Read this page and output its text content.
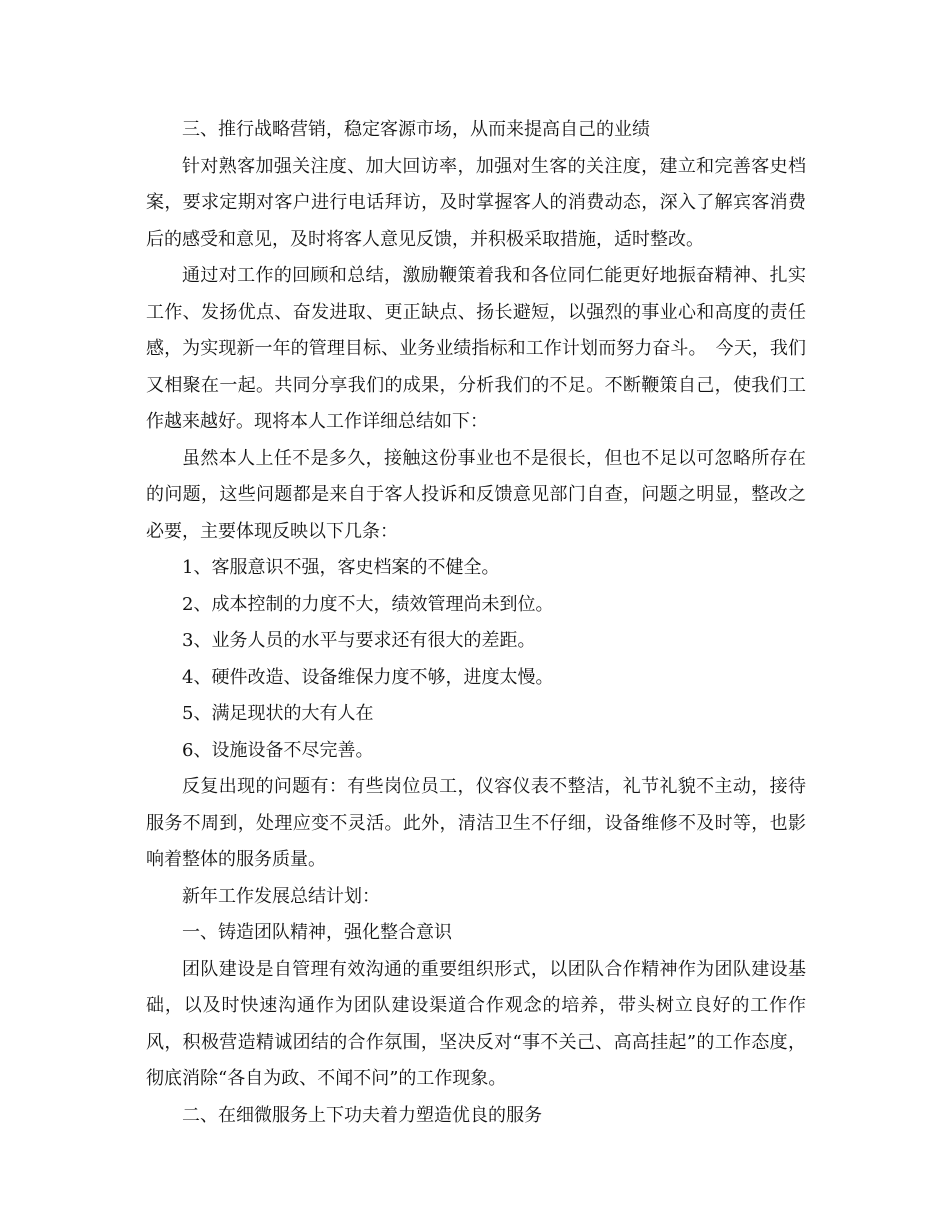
三、推行战略营销，稳定客源市场，从而来提高自己的业绩

针对熟客加强关注度、加大回访率，加强对生客的关注度，建立和完善客史档案，要求定期对客户进行电话拜访，及时掌握客人的消费动态，深入了解宾客消费后的感受和意见，及时将客人意见反馈，并积极采取措施，适时整改。

通过对工作的回顾和总结，激励鞭策着我和各位同仁能更好地振奋精神、扎实工作、发扬优点、奋发进取、更正缺点、扬长避短，以强烈的事业心和高度的责任感，为实现新一年的管理目标、业务业绩指标和工作计划而努力奋斗。　今天，我们又相聚在一起。共同分享我们的成果，分析我们的不足。不断鞭策自己，使我们工作越来越好。现将本人工作详细总结如下：

虽然本人上任不是多久，接触这份事业也不是很长，但也不足以可忽略所存在的问题，这些问题都是来自于客人投诉和反馈意见部门自查，问题之明显，整改之必要，主要体现反映以下几条：

1、客服意识不强，客史档案的不健全。

2、成本控制的力度不大，绩效管理尚未到位。

3、业务人员的水平与要求还有很大的差距。

4、硬件改造、设备维保力度不够，进度太慢。

5、满足现状的大有人在

6、设施设备不尽完善。

反复出现的问题有：有些岗位员工，仪容仪表不整洁，礼节礼貌不主动，接待服务不周到，处理应变不灵活。此外，清洁卫生不仔细，设备维修不及时等，也影响着整体的服务质量。

新年工作发展总结计划：

一、铸造团队精神，强化整合意识

团队建设是自管理有效沟通的重要组织形式，以团队合作精神作为团队建设基础，以及时快速沟通作为团队建设渠道合作观念的培养，带头树立良好的工作作风，积极营造精诚团结的合作氛围，坚决反对“事不关己、高高挂起”的工作态度，彻底消除“各自为政、不闻不问”的工作现象。

二、在细微服务上下功夫着力塑造优良的服务
